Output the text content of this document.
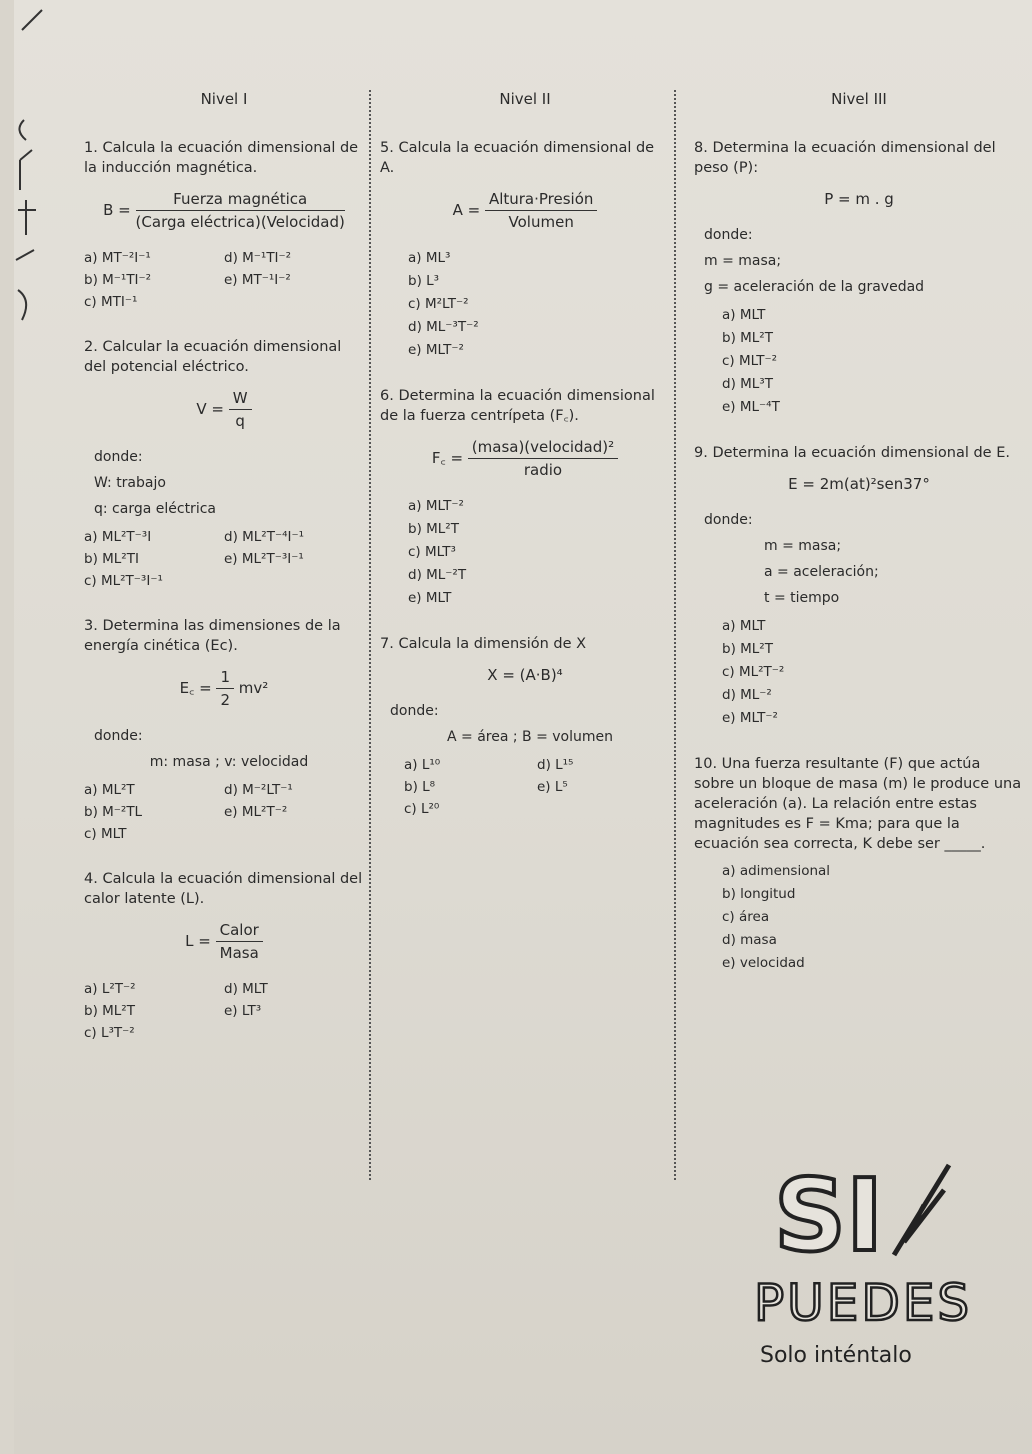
Nivel I
1. Calcula la ecuación dimensional de la inducción magnética.
$B = \frac{\text{Fuerza magnética}}{\text{(Carga eléctrica)(Velocidad)}}$
a) MT⁻²I⁻¹	d) M⁻¹TI⁻²
b) M⁻¹TI⁻²	e) MT⁻¹I⁻²
c) MTI⁻¹
2. Calcular la ecuación dimensional del potencial eléctrico.
$V = \frac{W}{q}$
donde:
W: trabajo
q: carga eléctrica
a) ML²T⁻³I	d) ML²T⁻⁴I⁻¹
b) ML²TI	e) ML²T⁻³I⁻¹
c) ML²T⁻³I⁻¹
3. Determina las dimensiones de la energía cinética (Ec).
E꜀ = $\frac{1}{2} mv^2$
donde:
m: masa ; v: velocidad
a) ML²T	d) M⁻²LT⁻¹
b) M⁻²TL	e) ML²T⁻²
c) MLT
4. Calcula la ecuación dimensional del calor latente (L).
$L = \frac{\text{Calor}}{\text{Masa}}$
a) L²T⁻²	d) MLT
b) ML²T	e) LT³
c) L³T⁻²
Nivel II
5. Calcula la ecuación dimensional de A.
$A = \frac{\text{Altura·Presión}}{\text{Volumen}}$
a) ML³
b) L³
c) M²LT⁻²
d) ML⁻³T⁻²
e) MLT⁻²
6. Determina la ecuación dimensional de la fuerza centrípeta (F꜀).
F꜀ = $\frac{\text{(masa)(velocidad)²}}{\text{radio}}$
a) MLT⁻²
b) ML²T
c) MLT³
d) ML⁻²T
e) MLT
7. Calcula la dimensión de X
X = (A·B)⁴
donde:
A = área ; B = volumen
a) L¹⁰	d) L¹⁵
b) L⁸	e) L⁵
c) L²⁰
Nivel III
8. Determina la ecuación dimensional del peso (P):
P = m . g
donde:
m = masa;
g = aceleración de la gravedad
a) MLT
b) ML²T
c) MLT⁻²
d) ML³T
e) ML⁻⁴T
9. Determina la ecuación dimensional de E.
E = 2m(at)²sen37°
donde:
m = masa;
a = aceleración;
t = tiempo
a) MLT
b) ML²T
c) ML²T⁻²
d) ML⁻²
e) MLT⁻²
10. Una fuerza resultante (F) que actúa sobre un bloque de masa (m) le produce una aceleración (a). La relación entre estas magnitudes es F = Kma; para que la ecuación sea correcta, K debe ser _____.
a) adimensional
b) longitud
c) área
d) masa
e) velocidad
SI
PUEDES
Solo inténtalo
